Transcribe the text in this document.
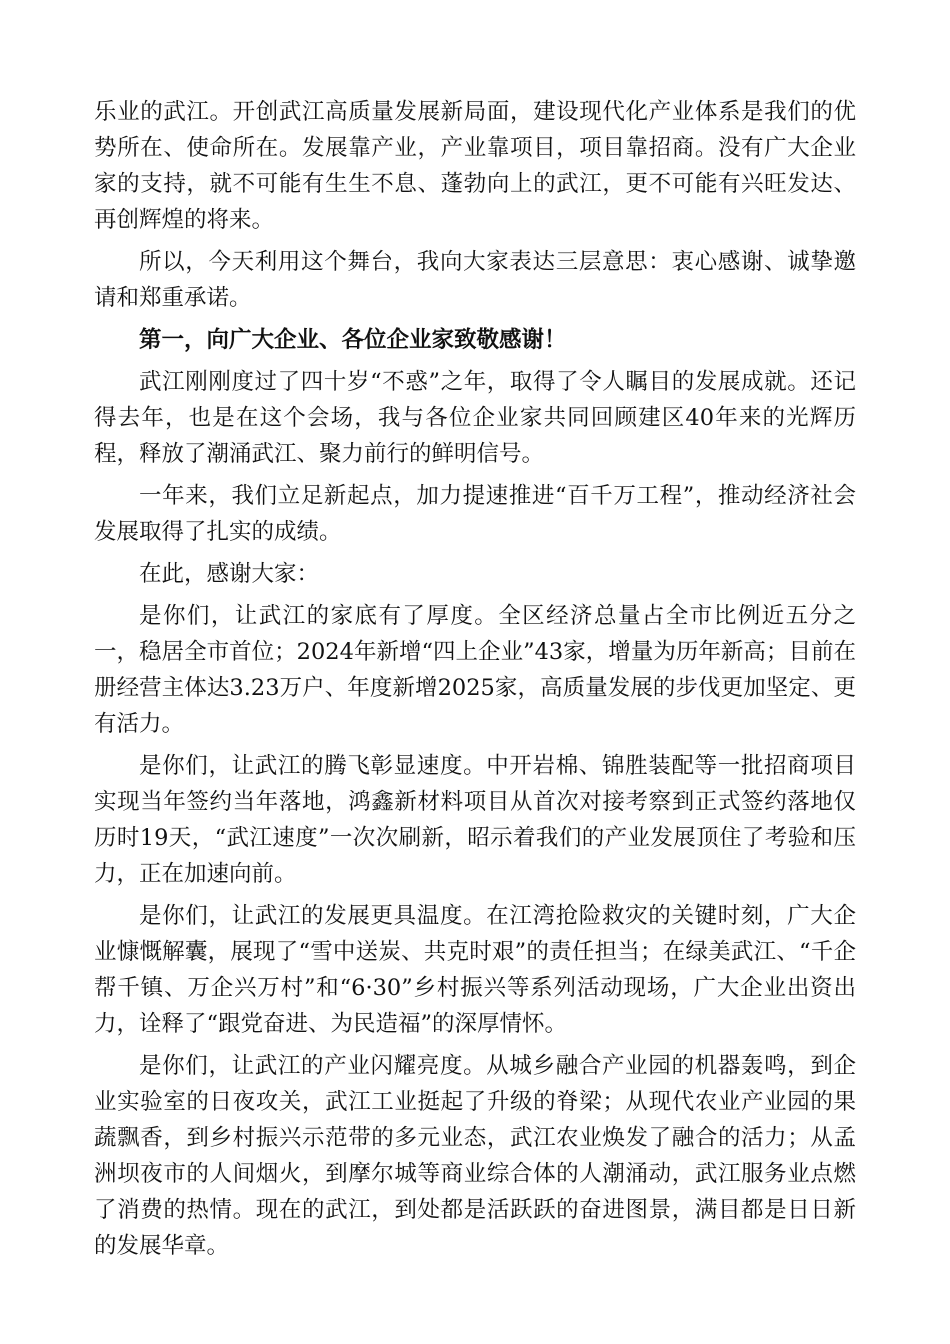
乐业的武江。开创武江高质量发展新局面，建设现代化产业体系是我们的优势所在、使命所在。发展靠产业，产业靠项目，项目靠招商。没有广大企业家的支持，就不可能有生生不息、蓬勃向上的武江，更不可能有兴旺发达、再创辉煌的将来。

所以，今天利用这个舞台，我向大家表达三层意思：衷心感谢、诚挚邀请和郑重承诺。

第一，向广大企业、各位企业家致敬感谢！

武江刚刚度过了四十岁“不惑”之年，取得了令人瞩目的发展成就。还记得去年，也是在这个会场，我与各位企业家共同回顾建区40年来的光辉历程，释放了潮涌武江、聚力前行的鲜明信号。

一年来，我们立足新起点，加力提速推进“百千万工程”，推动经济社会发展取得了扎实的成绩。

在此，感谢大家：

是你们，让武江的家底有了厚度。全区经济总量占全市比例近五分之一，稳居全市首位；2024年新增“四上企业”43家，增量为历年新高；目前在册经营主体达3.23万户、年度新增2025家，高质量发展的步伐更加坚定、更有活力。

是你们，让武江的腾飞彰显速度。中开岩棉、锦胜装配等一批招商项目实现当年签约当年落地，鸿鑫新材料项目从首次对接考察到正式签约落地仅历时19天，“武江速度”一次次刷新，昭示着我们的产业发展顶住了考验和压力，正在加速向前。

是你们，让武江的发展更具温度。在江湾抢险救灾的关键时刻，广大企业慷慨解囊，展现了“雪中送炭、共克时艰”的责任担当；在绿美武江、“千企帮千镇、万企兴万村”和“6·30”乡村振兴等系列活动现场，广大企业出资出力，诠释了“跟党奋进、为民造福”的深厚情怀。

是你们，让武江的产业闪耀亮度。从城乡融合产业园的机器轰鸣，到企业实验室的日夜攻关，武江工业挺起了升级的脊梁；从现代农业产业园的果蔬飘香，到乡村振兴示范带的多元业态，武江农业焕发了融合的活力；从孟洲坝夜市的人间烟火，到摩尔城等商业综合体的人潮涌动，武江服务业点燃了消费的热情。现在的武江，到处都是活跃跃的奋进图景，满目都是日日新的发展华章。
